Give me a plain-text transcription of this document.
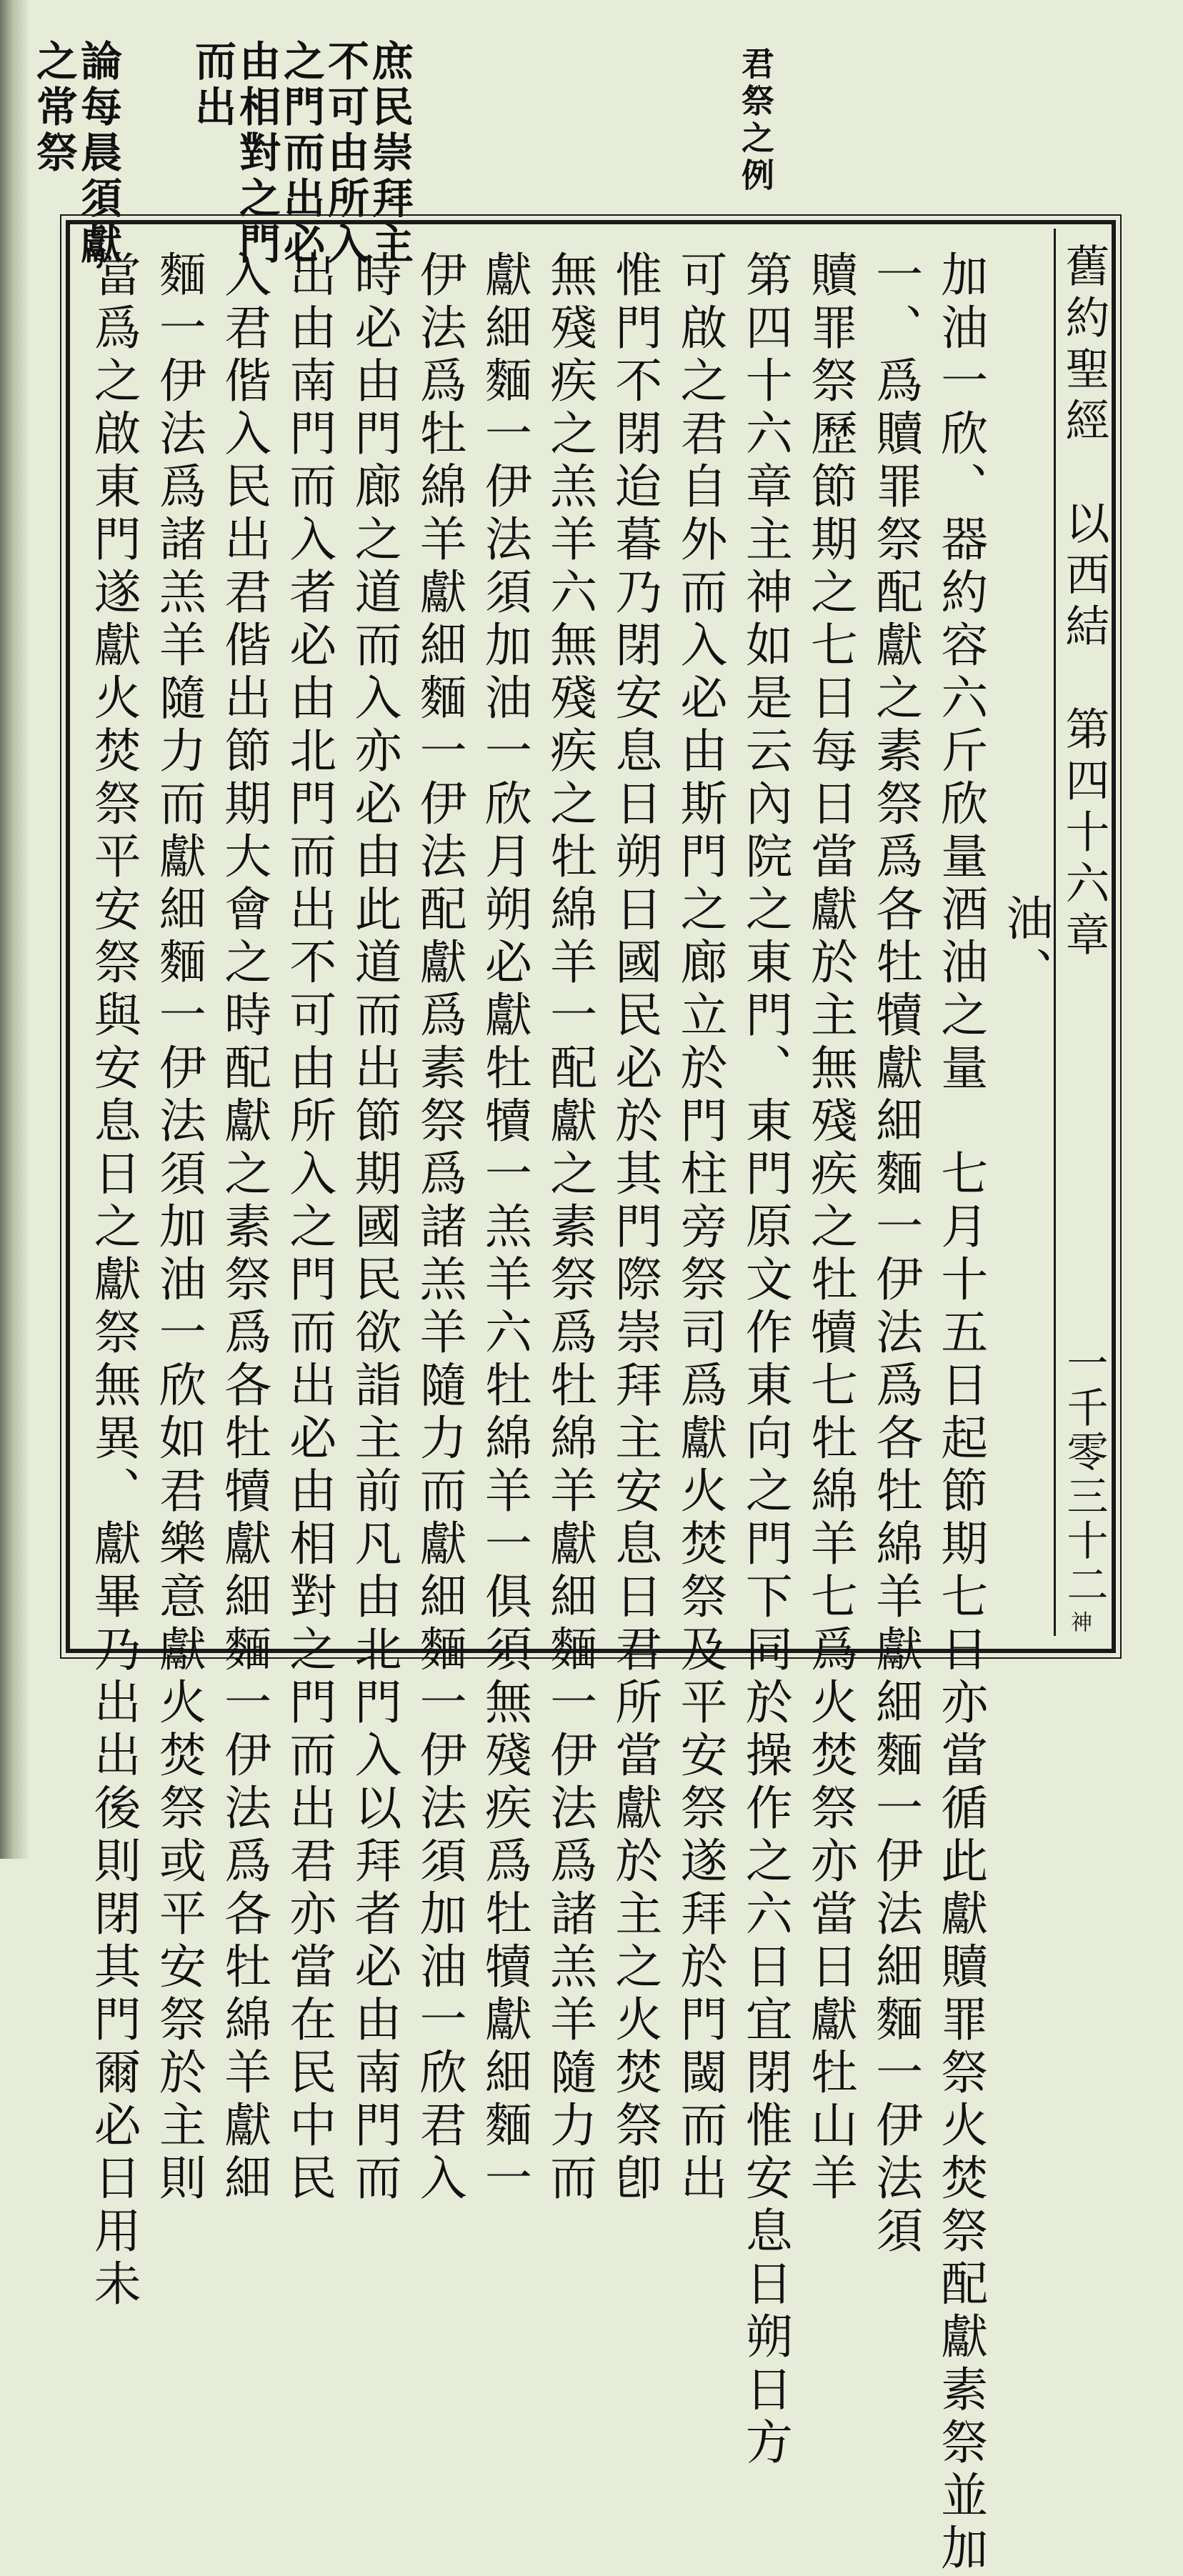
庶民崇拜主
不可由所入
之門而出必
由相對之門
而出
論每晨須獻
之常祭	君祭之例
舊約聖經　以西結　第四十六章
一千零三十二
神
油、
加油一欣、器約容六斤欣量酒油之量　七月十五日起節期七日亦當循此獻贖罪祭火焚祭配獻素祭並加
一、爲贖罪祭配獻之素祭爲各牡犢獻細麵一伊法爲各牡綿羊獻細麵一伊法細麵一伊法須
贖罪祭歷節期之七日每日當獻於主無殘疾之牡犢七牡綿羊七爲火焚祭亦當日獻牡山羊
第四十六章主神如是云內院之東門、東門原文作東向之門下同於操作之六日宜閉惟安息日朔日方
可啟之君自外而入必由斯門之廊立於門柱旁祭司爲獻火焚祭及平安祭遂拜於門閾而出
惟門不閉迨暮乃閉安息日朔日國民必於其門際崇拜主安息日君所當獻於主之火焚祭卽
無殘疾之羔羊六無殘疾之牡綿羊一配獻之素祭爲牡綿羊獻細麵一伊法爲諸羔羊隨力而
獻細麵一伊法須加油一欣月朔必獻牡犢一羔羊六牡綿羊一俱須無殘疾爲牡犢獻細麵一
伊法爲牡綿羊獻細麵一伊法配獻爲素祭爲諸羔羊隨力而獻細麵一伊法須加油一欣君入
時必由門廊之道而入亦必由此道而出節期國民欲詣主前凡由北門入以拜者必由南門而
出由南門而入者必由北門而出不可由所入之門而出必由相對之門而出君亦當在民中民
入君偕入民出君偕出節期大會之時配獻之素祭爲各牡犢獻細麵一伊法爲各牡綿羊獻細
麵一伊法爲諸羔羊隨力而獻細麵一伊法須加油一欣如君樂意獻火焚祭或平安祭於主則
當爲之啟東門遂獻火焚祭平安祭與安息日之獻祭無異、獻畢乃出出後則閉其門爾必日用未
